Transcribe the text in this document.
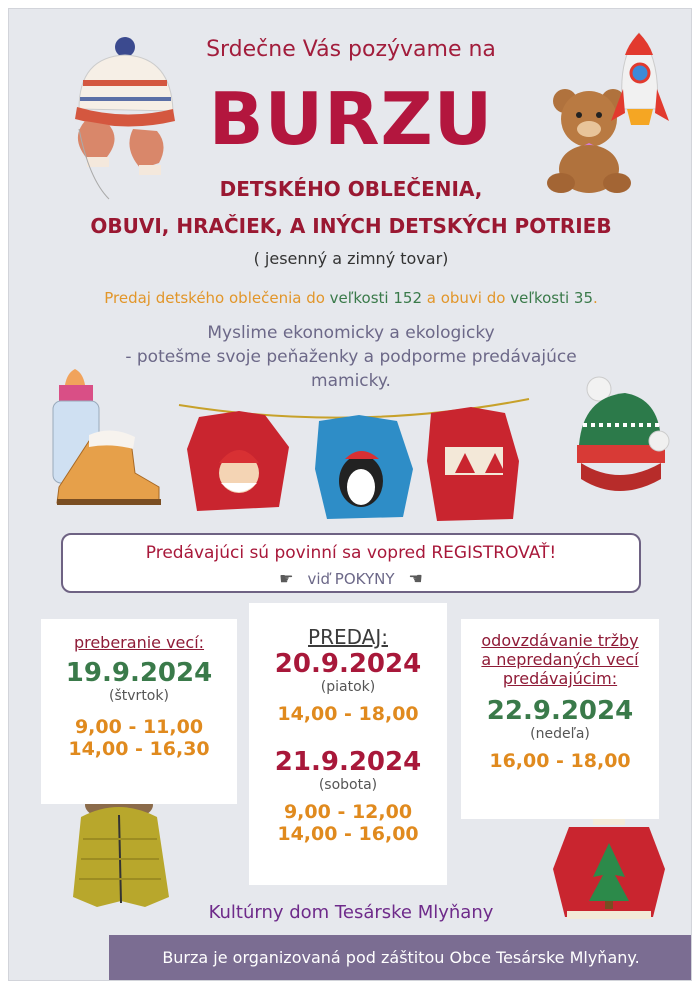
Srdečne Vás pozývame na
BURZU
DETSKÉHO OBLEČENIA,
OBUVI, HRAČIEK, A INÝCH DETSKÝCH POTRIEB
( jesenný a zimný tovar)
Predaj detského oblečenia do veľkosti 152 a obuvi do veľkosti 35.
Myslime ekonomicky a ekologicky
- potešme svoje peňaženky a podporme predávajúce
mamicky.
Predávajúci sú povinní sa vopred REGISTROVAŤ!
☛ viď POKYNY ☚
preberanie vecí:
19.9.2024
(štvrtok)
9,00 - 11,00
14,00 - 16,30
PREDAJ:
20.9.2024
(piatok)
14,00 - 18,00
21.9.2024
(sobota)
9,00 - 12,00
14,00 - 16,00
odovzdávanie tržby
a nepredaných vecí
predávajúcim:
22.9.2024
(nedeľa)
16,00 - 18,00
Kultúrny dom Tesárske Mlyňany
Burza je organizovaná pod záštitou Obce Tesárske Mlyňany.
